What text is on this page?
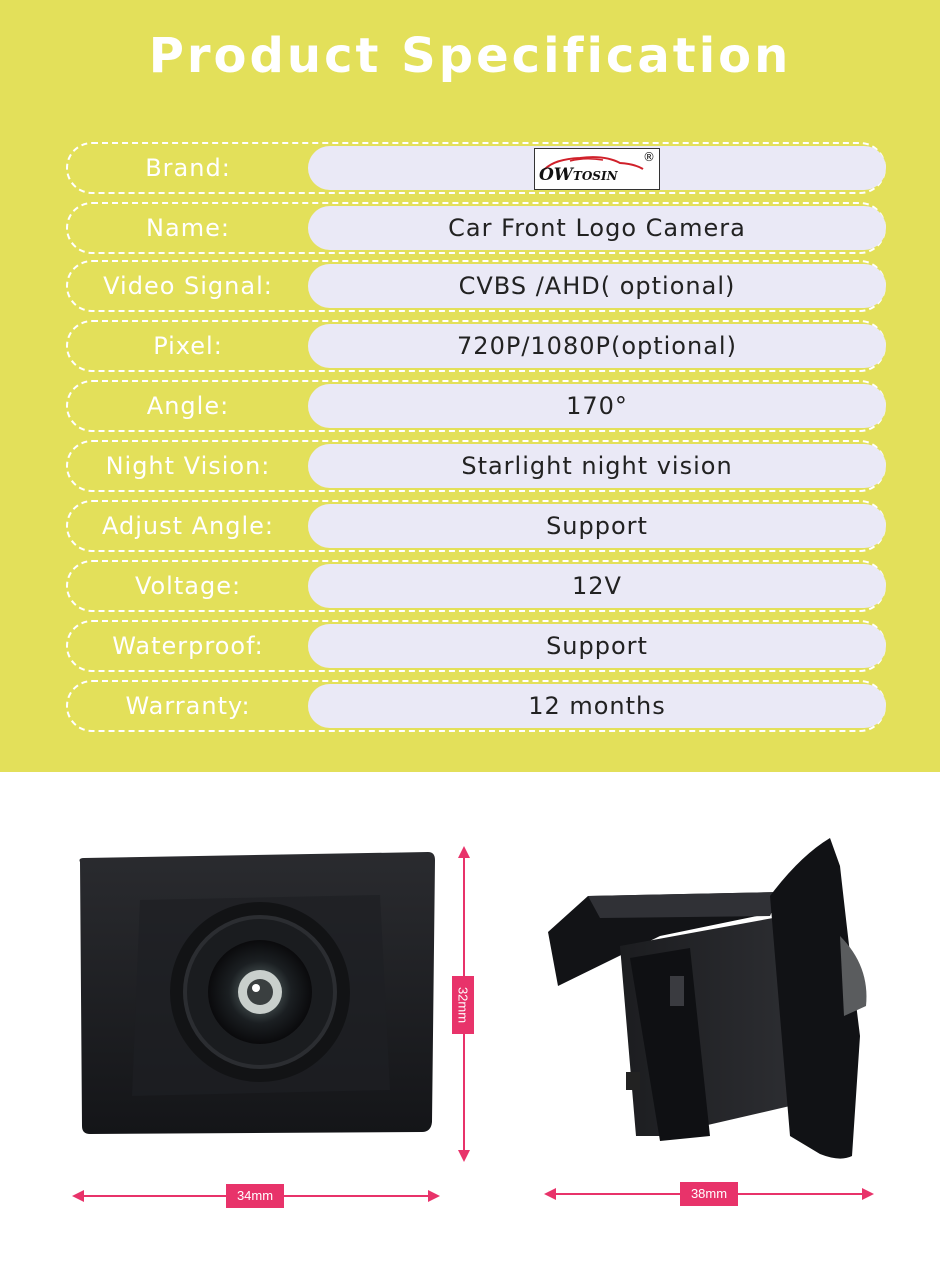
Product Specification
Brand:	OWTOSIN
®
Name:	Car Front Logo Camera
Video Signal:	CVBS /AHD( optional)
Pixel:	720P/1080P(optional)
Angle:	170°
Night Vision:	Starlight night vision
Adjust Angle:	Support
Voltage:	12V
Waterproof:	Support
Warranty:	12 months
32mm
34mm	38mm
